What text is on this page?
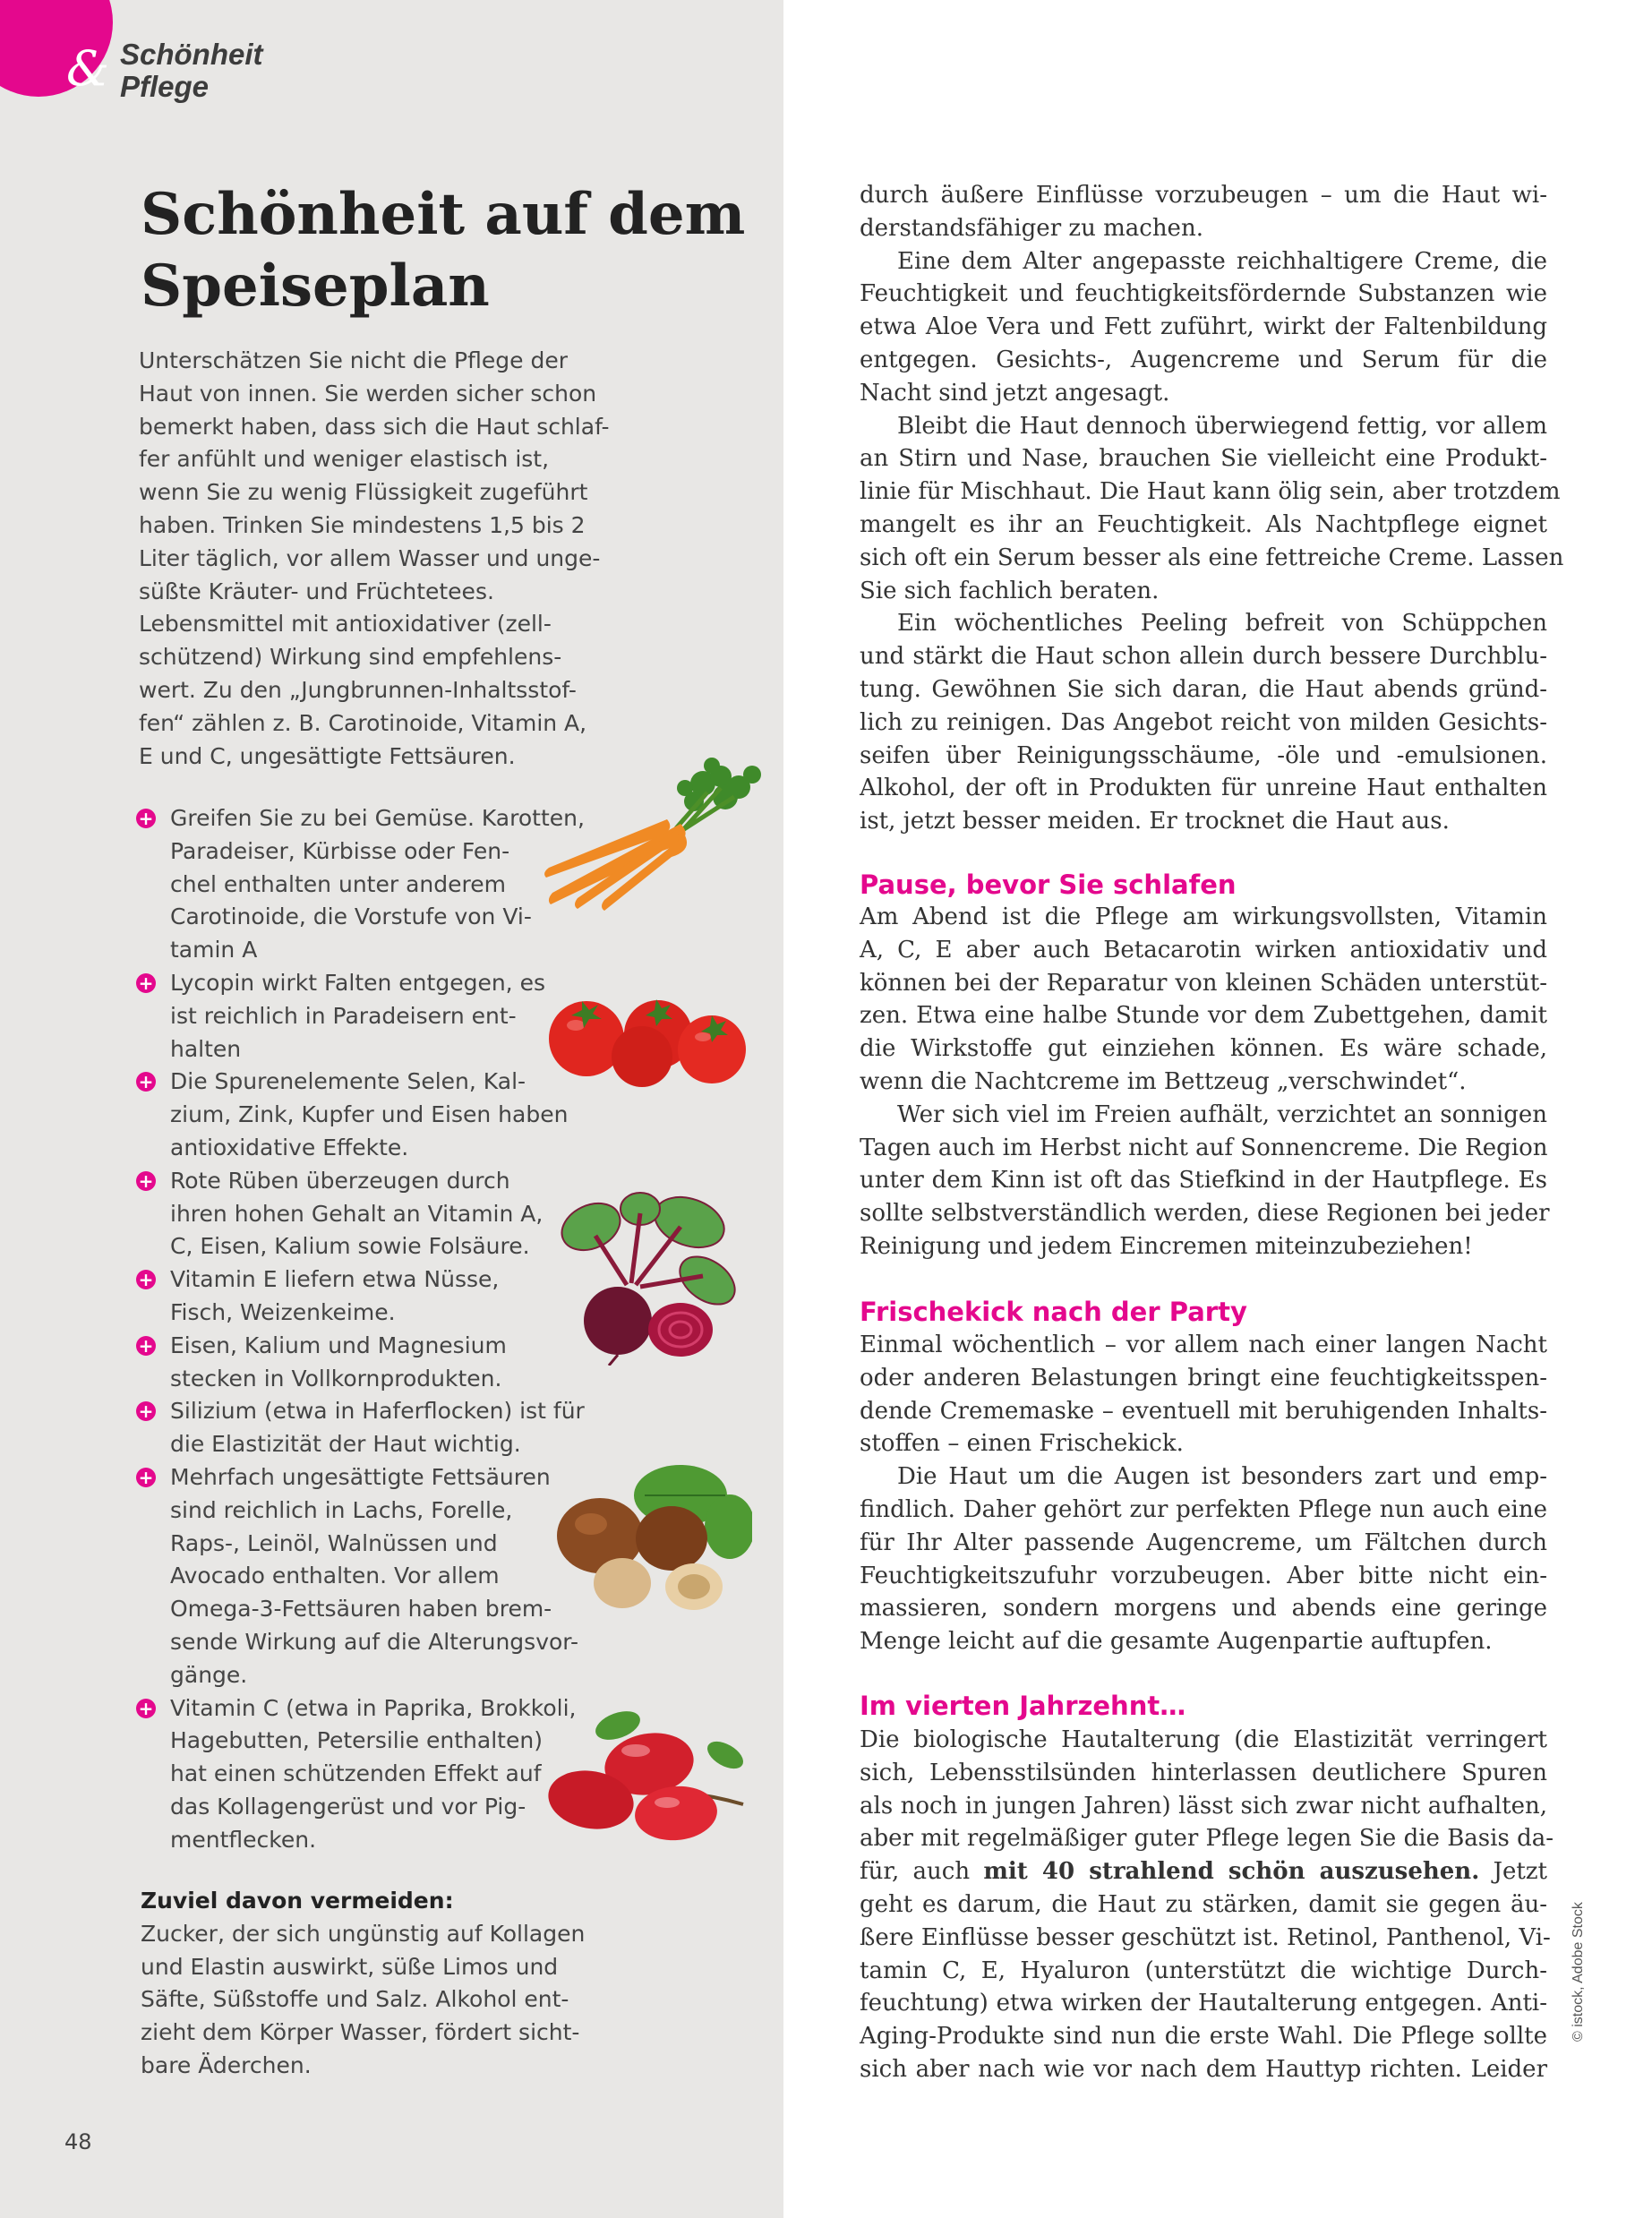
& Schönheit
Pflege
Schönheit auf dem
Speiseplan
Unterschätzen Sie nicht die Pflege der
Haut von innen. Sie werden sicher schon
bemerkt haben, dass sich die Haut schlaf-
fer anfühlt und weniger elastisch ist,
wenn Sie zu wenig Flüssigkeit zugeführt
haben. Trinken Sie mindestens 1,5 bis 2
Liter täglich, vor allem Wasser und unge-
süßte Kräuter- und Früchtetees.
Lebensmittel mit antioxidativer (zell-
schützend) Wirkung sind empfehlens-
wert. Zu den „Jungbrunnen-Inhaltsstof-
fen“ zählen z. B. Carotinoide, Vitamin A,
E und C, ungesättigte Fettsäuren.
+ Greifen Sie zu bei Gemüse. Karotten,
Paradeiser, Kürbisse oder Fen-
chel enthalten unter anderem
Carotinoide, die Vorstufe von Vi-
tamin A
+ Lycopin wirkt Falten entgegen, es
ist reichlich in Paradeisern ent-
halten
+ Die Spurenelemente Selen, Kal-
zium, Zink, Kupfer und Eisen haben
antioxidative Effekte.
+ Rote Rüben überzeugen durch
ihren hohen Gehalt an Vitamin A,
C, Eisen, Kalium sowie Folsäure.
+ Vitamin E liefern etwa Nüsse,
Fisch, Weizenkeime.
+ Eisen, Kalium und Magnesium
stecken in Vollkornprodukten.
+ Silizium (etwa in Haferflocken) ist für
die Elastizität der Haut wichtig.
+ Mehrfach ungesättigte Fettsäuren
sind reichlich in Lachs, Forelle,
Raps-, Leinöl, Walnüssen und
Avocado enthalten. Vor allem
Omega-3-Fettsäuren haben brem-
sende Wirkung auf die Alterungsvor-
gänge.
+ Vitamin C (etwa in Paprika, Brokkoli,
Hagebutten, Petersilie enthalten)
hat einen schützenden Effekt auf
das Kollagengerüst und vor Pig-
mentflecken.
Zuviel davon vermeiden:
Zucker, der sich ungünstig auf Kollagen
und Elastin auswirkt, süße Limos und
Säfte, Süßstoffe und Salz. Alkohol ent-
zieht dem Körper Wasser, fördert sicht-
bare Äderchen.
48
durch äußere Einflüsse vorzubeugen – um die Haut wi-
derstandsfähiger zu machen.
Eine dem Alter angepasste reichhaltigere Creme, die
Feuchtigkeit und feuchtigkeitsfördernde Substanzen wie
etwa Aloe Vera und Fett zuführt, wirkt der Faltenbildung
entgegen. Gesichts-, Augencreme und Serum für die
Nacht sind jetzt angesagt.
Bleibt die Haut dennoch überwiegend fettig, vor allem
an Stirn und Nase, brauchen Sie vielleicht eine Produkt-
linie für Mischhaut. Die Haut kann ölig sein, aber trotzdem
mangelt es ihr an Feuchtigkeit. Als Nachtpflege eignet
sich oft ein Serum besser als eine fettreiche Creme. Lassen
Sie sich fachlich beraten.
Ein wöchentliches Peeling befreit von Schüppchen
und stärkt die Haut schon allein durch bessere Durchblu-
tung. Gewöhnen Sie sich daran, die Haut abends gründ-
lich zu reinigen. Das Angebot reicht von milden Gesichts-
seifen über Reinigungsschäume, -öle und -emulsionen.
Alkohol, der oft in Produkten für unreine Haut enthalten
ist, jetzt besser meiden. Er trocknet die Haut aus.
Pause, bevor Sie schlafen
Am Abend ist die Pflege am wirkungsvollsten, Vitamin
A, C, E aber auch Betacarotin wirken antioxidativ und
können bei der Reparatur von kleinen Schäden unterstüt-
zen. Etwa eine halbe Stunde vor dem Zubettgehen, damit
die Wirkstoffe gut einziehen können. Es wäre schade,
wenn die Nachtcreme im Bettzeug „verschwindet“.
Wer sich viel im Freien aufhält, verzichtet an sonnigen
Tagen auch im Herbst nicht auf Sonnencreme. Die Region
unter dem Kinn ist oft das Stiefkind in der Hautpflege. Es
sollte selbstverständlich werden, diese Regionen bei jeder
Reinigung und jedem Eincremen miteinzubeziehen!
Frischekick nach der Party
Einmal wöchentlich – vor allem nach einer langen Nacht
oder anderen Belastungen bringt eine feuchtigkeitsspen-
dende Crememaske – eventuell mit beruhigenden Inhalts-
stoffen – einen Frischekick.
Die Haut um die Augen ist besonders zart und emp-
findlich. Daher gehört zur perfekten Pflege nun auch eine
für Ihr Alter passende Augencreme, um Fältchen durch
Feuchtigkeitszufuhr vorzubeugen. Aber bitte nicht ein-
massieren, sondern morgens und abends eine geringe
Menge leicht auf die gesamte Augenpartie auftupfen.
Im vierten Jahrzehnt…
Die biologische Hautalterung (die Elastizität verringert
sich, Lebensstilsünden hinterlassen deutlichere Spuren
als noch in jungen Jahren) lässt sich zwar nicht aufhalten,
aber mit regelmäßiger guter Pflege legen Sie die Basis da-
für, auch mit 40 strahlend schön auszusehen. Jetzt
geht es darum, die Haut zu stärken, damit sie gegen äu-
ßere Einflüsse besser geschützt ist. Retinol, Panthenol, Vi-
tamin C, E, Hyaluron (unterstützt die wichtige Durch-
feuchtung) etwa wirken der Hautalterung entgegen. Anti-
Aging-Produkte sind nun die erste Wahl. Die Pflege sollte
sich aber nach wie vor nach dem Hauttyp richten. Leider
© istock, Adobe Stock
